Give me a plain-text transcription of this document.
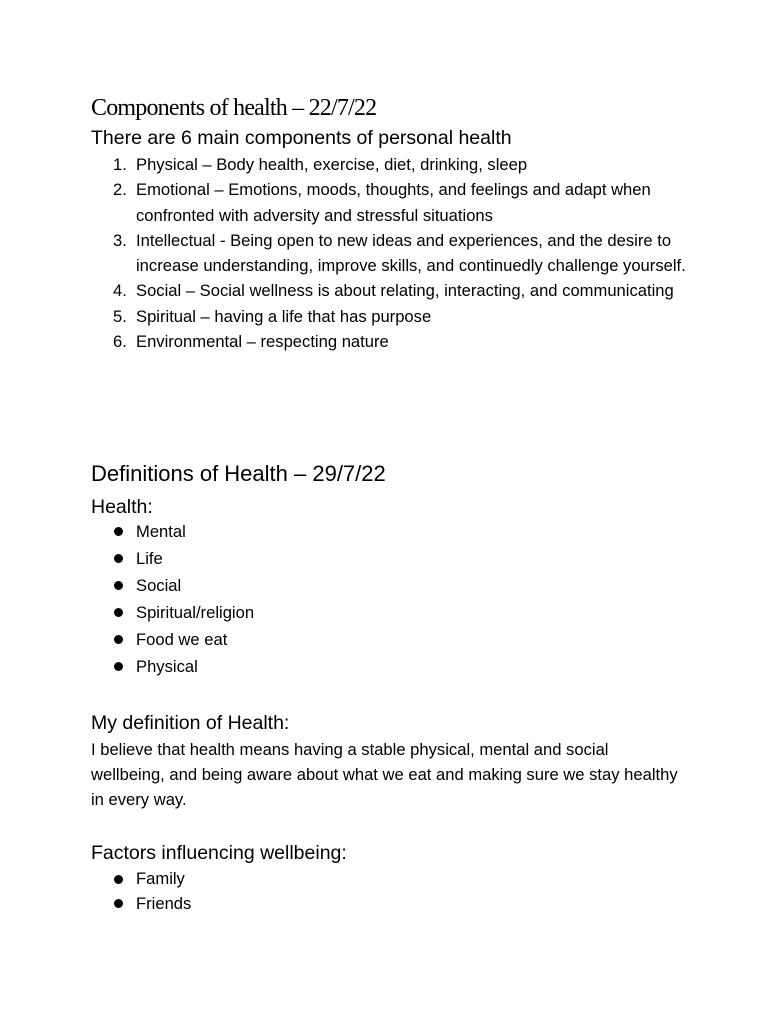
Components of health – 22/7/22
There are 6 main components of personal health
1. Physical – Body health, exercise, diet, drinking, sleep
2. Emotional – Emotions, moods, thoughts, and feelings and adapt when confronted with adversity and stressful situations
3. Intellectual - Being open to new ideas and experiences, and the desire to increase understanding, improve skills, and continuedly challenge yourself.
4. Social – Social wellness is about relating, interacting, and communicating
5. Spiritual – having a life that has purpose
6. Environmental – respecting nature
Definitions of Health – 29/7/22
Health:
Mental
Life
Social
Spiritual/religion
Food we eat
Physical
My definition of Health:
I believe that health means having a stable physical, mental and social wellbeing, and being aware about what we eat and making sure we stay healthy in every way.
Factors influencing wellbeing:
Family
Friends
